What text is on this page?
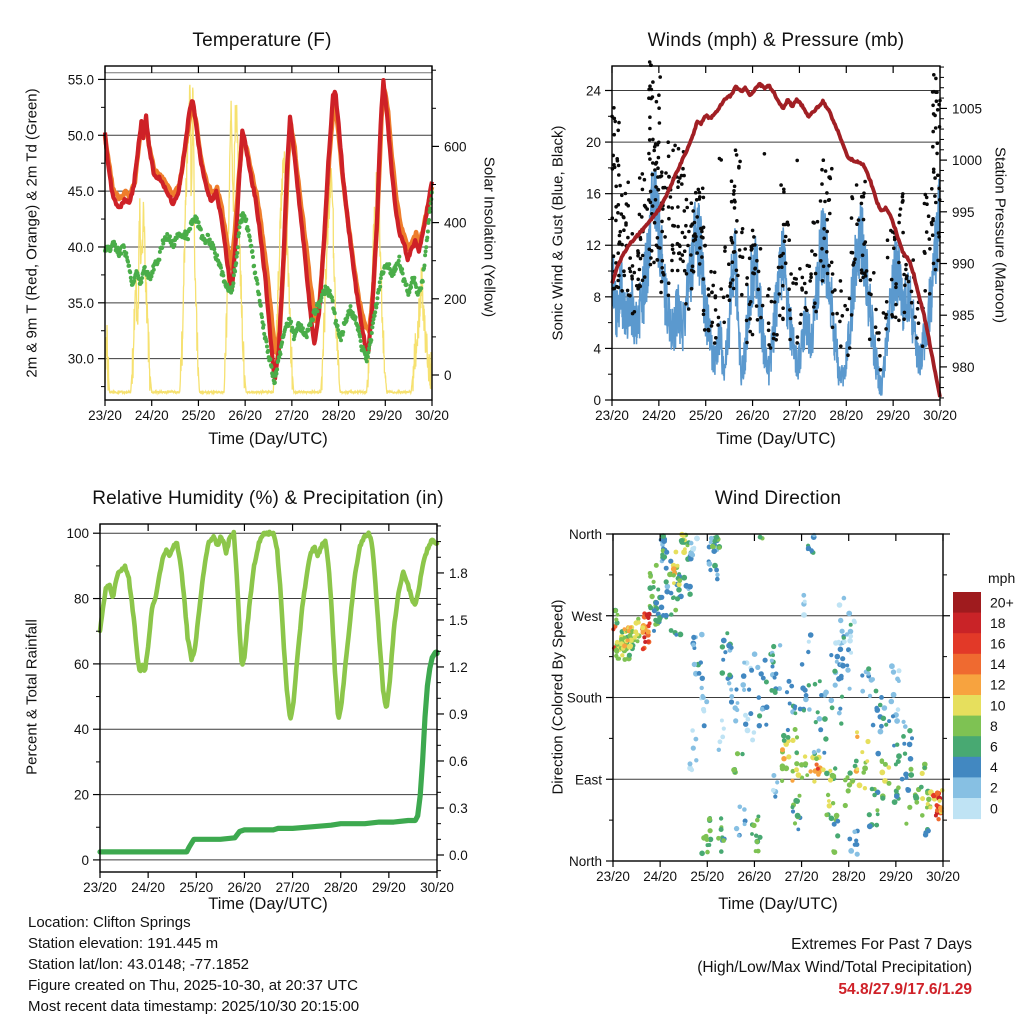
23/20 24/20 25/20 26/20 27/20 28/20 29/20 30/20
30.0
35.0
40.0
45.0
50.0
55.0
0
200
400
600
23/20 24/20 25/20 26/20 27/20 28/20 29/20 30/20
0
4
8
12
16
20
24
980
985
990
995
1000
1005
23/20 24/20 25/20 26/20 27/20 28/20 29/20 30/20
0
20
40
60
80
100
0.0
0.3
0.6
0.9
1.2
1.5
1.8
23/20 24/20 25/20 26/20 27/20 28/20 29/20 30/20
North
West
South
East
North
20+
18
16
14
12
10
8
6
4
2
0
Temperature (F)	Winds (mph) & Pressure (mb)
Relative Humidity (%) & Precipitation (in)	Wind Direction
Time (Day/UTC)	Time (Day/UTC)
Time (Day/UTC)	Time (Day/UTC)
2m & 9m T (Red, Orange) & 2m Td (Green)	Solar Insolation (Yellow)	Sonic Wind & Gust (Blue, Black)	Station Pressure (Maroon)
Percent & Total Rainfall	Direction (Colored By Speed)
mph
Location: Clifton Springs
Station elevation: 191.445 m
Station lat/lon: 43.0148; -77.1852
Figure created on Thu, 2025-10-30, at 20:37 UTC
Most recent data timestamp: 2025/10/30 20:15:00
Extremes For Past 7 Days
(High/Low/Max Wind/Total Precipitation)
54.8/27.9/17.6/1.29
